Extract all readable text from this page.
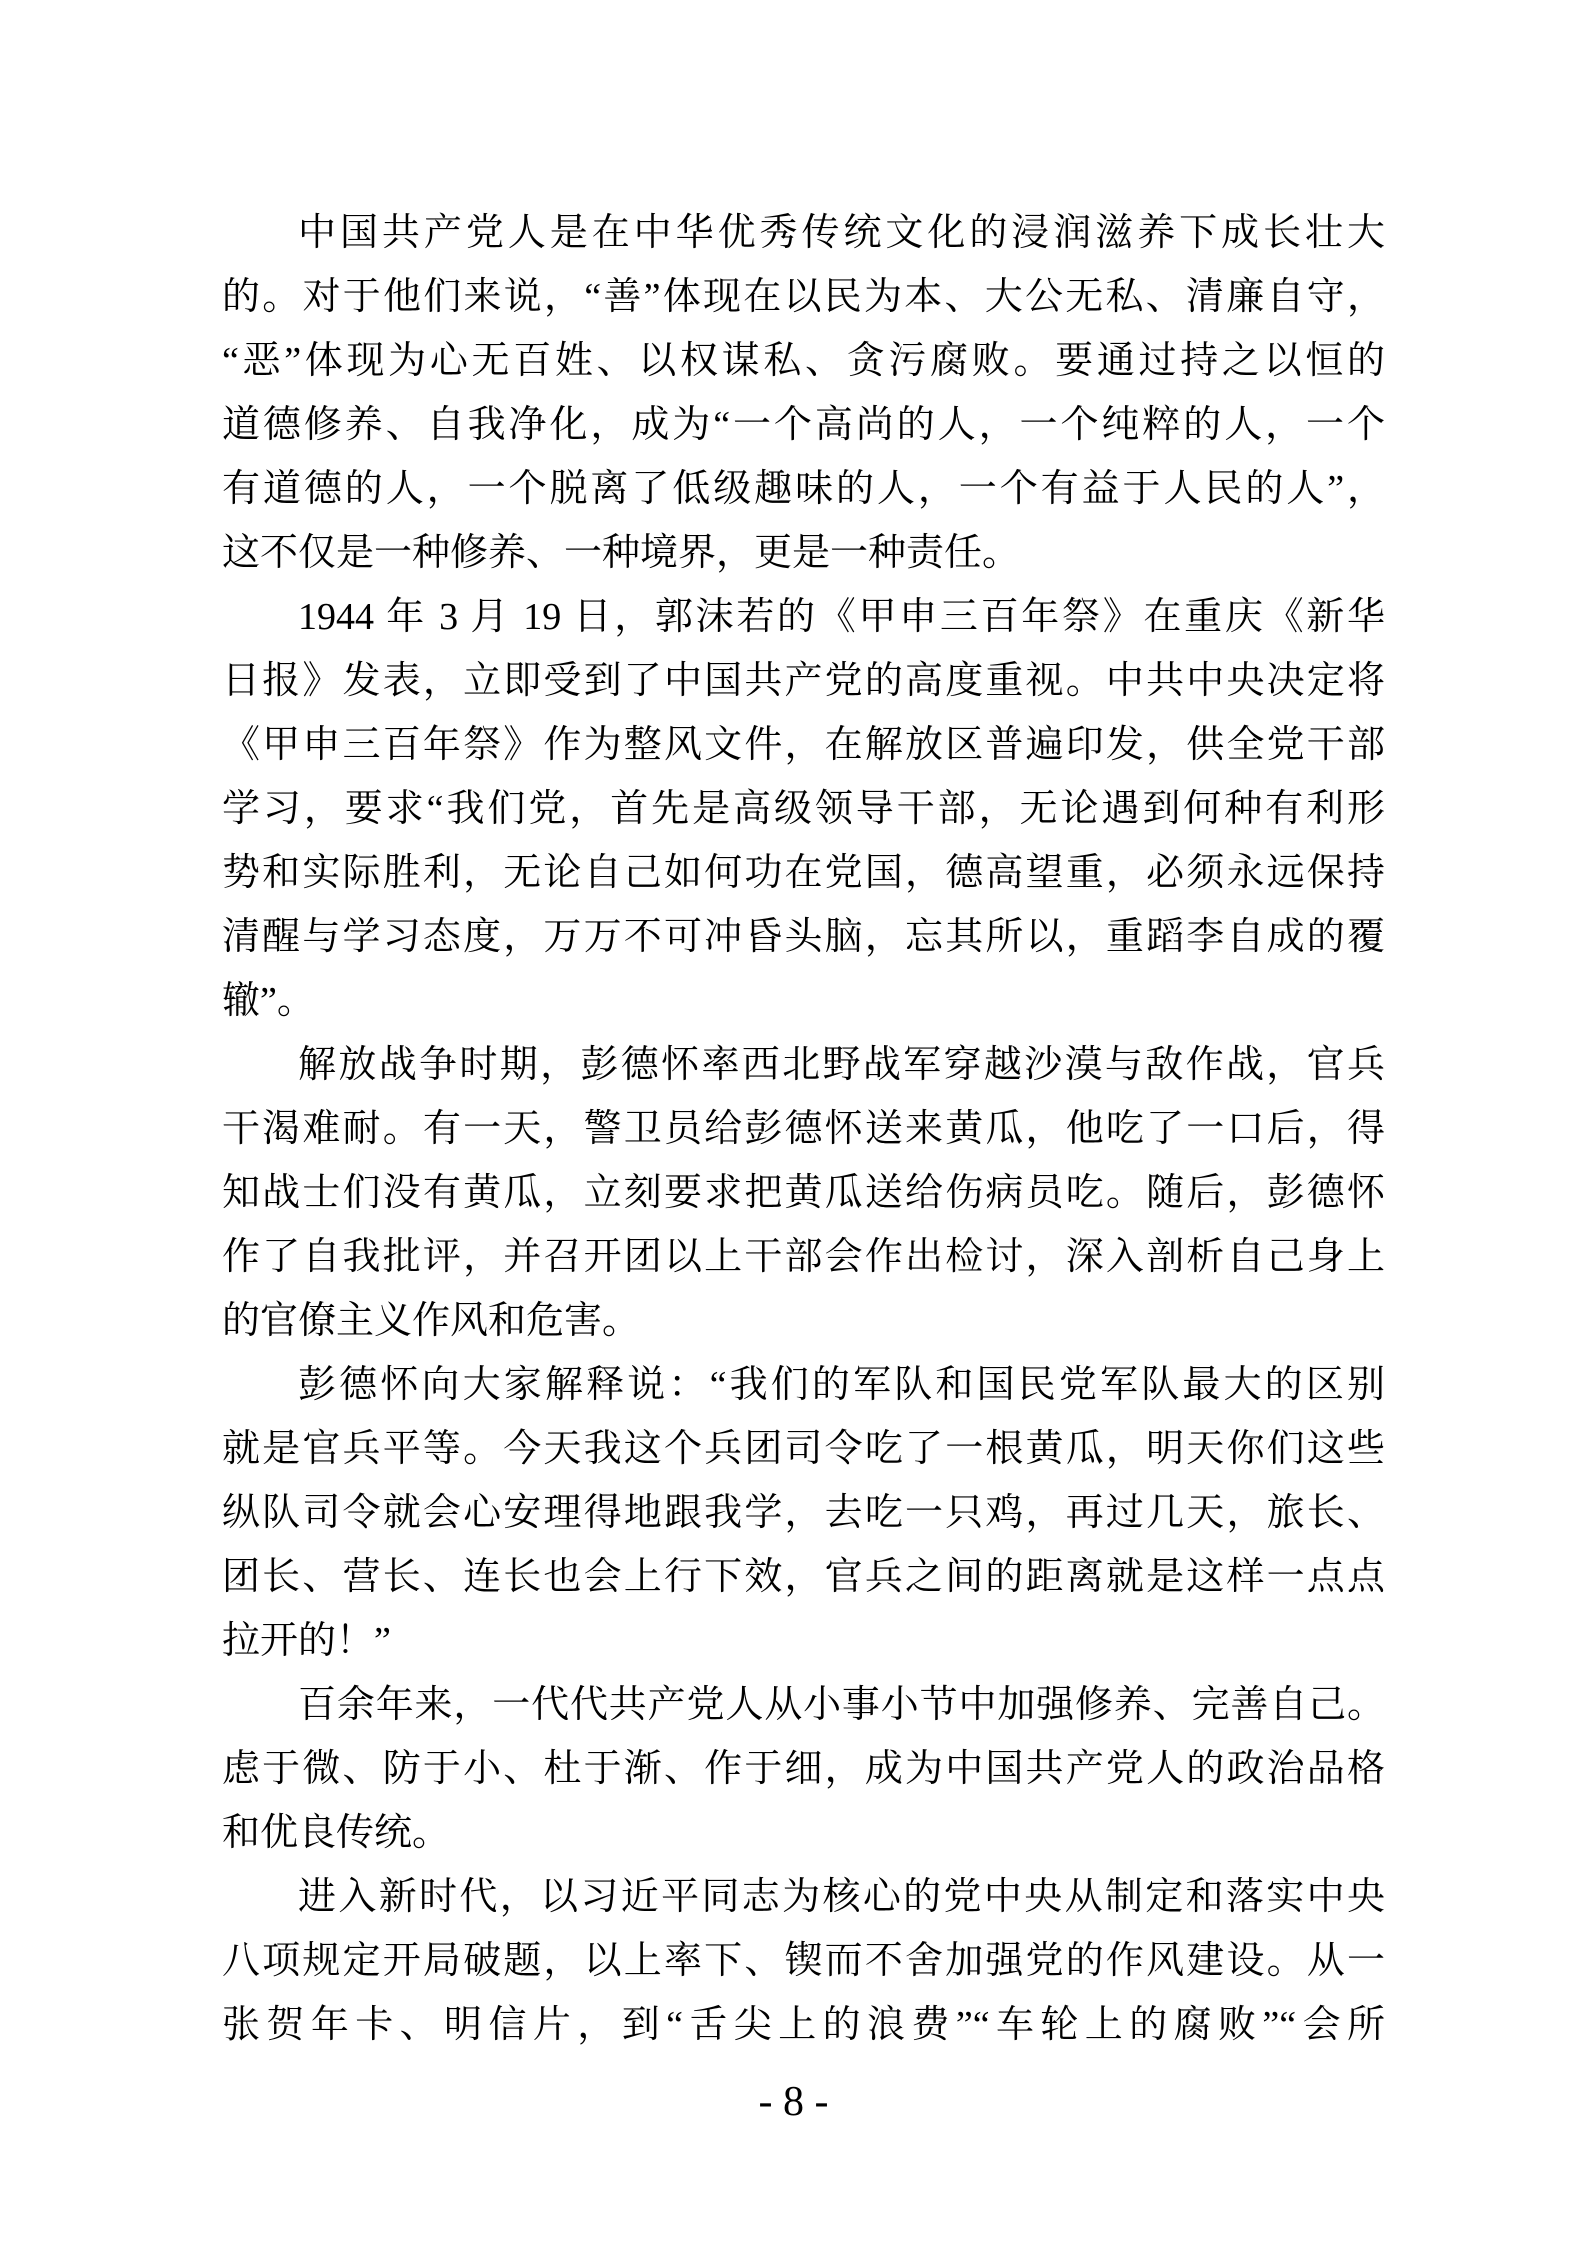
中国共产党人是在中华优秀传统文化的浸润滋养下成长壮大
的。对于他们来说，“善”体现在以民为本、大公无私、清廉自守，
“恶”体现为心无百姓、以权谋私、贪污腐败。要通过持之以恒的
道德修养、自我净化，成为“一个高尚的人，一个纯粹的人，一个
有道德的人，一个脱离了低级趣味的人，一个有益于人民的人”，
这不仅是一种修养、一种境界，更是一种责任。
1944 年 3 月 19 日，郭沫若的《甲申三百年祭》在重庆《新华
日报》发表，立即受到了中国共产党的高度重视。中共中央决定将
《甲申三百年祭》作为整风文件，在解放区普遍印发，供全党干部
学习，要求“我们党，首先是高级领导干部，无论遇到何种有利形
势和实际胜利，无论自己如何功在党国，德高望重，必须永远保持
清醒与学习态度，万万不可冲昏头脑，忘其所以，重蹈李自成的覆
辙”。
解放战争时期，彭德怀率西北野战军穿越沙漠与敌作战，官兵
干渴难耐。有一天，警卫员给彭德怀送来黄瓜，他吃了一口后，得
知战士们没有黄瓜，立刻要求把黄瓜送给伤病员吃。随后，彭德怀
作了自我批评，并召开团以上干部会作出检讨，深入剖析自己身上
的官僚主义作风和危害。
彭德怀向大家解释说：“我们的军队和国民党军队最大的区别
就是官兵平等。今天我这个兵团司令吃了一根黄瓜，明天你们这些
纵队司令就会心安理得地跟我学，去吃一只鸡，再过几天，旅长、
团长、营长、连长也会上行下效，官兵之间的距离就是这样一点点
拉开的！”
百余年来，一代代共产党人从小事小节中加强修养、完善自己。
虑于微、防于小、杜于渐、作于细，成为中国共产党人的政治品格
和优良传统。
进入新时代，以习近平同志为核心的党中央从制定和落实中央
八项规定开局破题，以上率下、锲而不舍加强党的作风建设。从一
张贺年卡、明信片，到“舌尖上的浪费”“车轮上的腐败”“会所
- 8 -
